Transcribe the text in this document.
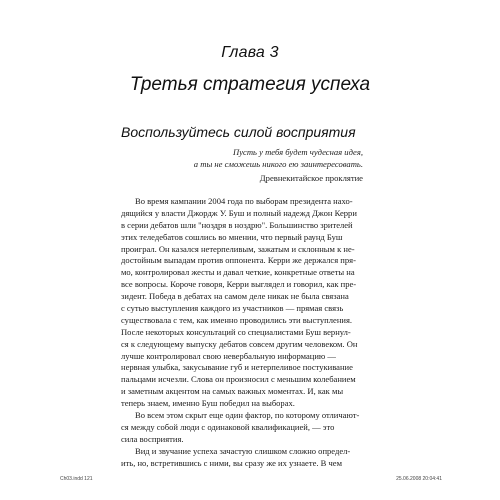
Глава 3
Третья стратегия успеха
Воспользуйтесь силой восприятия
Пусть у тебя будет чудесная идея,
а ты не сможешь никого ею заинтересовать.
Древнекитайское проклятие
Во время кампании 2004 года по выборам президента нахо-
дящийся у власти Джордж У. Буш и полный надежд Джон Керри
в серии дебатов шли "ноздря в ноздрю". Большинство зрителей
этих теледебатов сошлись во мнении, что первый раунд Буш
проиграл. Он казался нетерпеливым, зажатым и склонным к не-
достойным выпадам против оппонента. Керри же держался пря-
мо, контролировал жесты и давал четкие, конкретные ответы на
все вопросы. Короче говоря, Керри выглядел и говорил, как пре-
зидент. Победа в дебатах на самом деле никак не была связана
с сутью выступления каждого из участников — прямая связь
существовала с тем, как именно проводились эти выступления.
После некоторых консультаций со специалистами Буш вернул-
ся к следующему выпуску дебатов совсем другим человеком. Он
лучше контролировал свою невербальную информацию —
нервная улыбка, закусывание губ и нетерпеливое постукивание
пальцами исчезли. Слова он произносил с меньшим колебанием
и заметным акцентом на самых важных моментах. И, как мы
теперь знаем, именно Буш победил на выборах.
Во всем этом скрыт еще один фактор, по которому отличают-
ся между собой люди с одинаковой квалификацией, — это
сила восприятия.
Вид и звучание успеха зачастую слишком сложно определ-
ить, но, встретившись с ними, вы сразу же их узнаете. В чем
Ch03.indd 121	25.06.2008 20:04:41
